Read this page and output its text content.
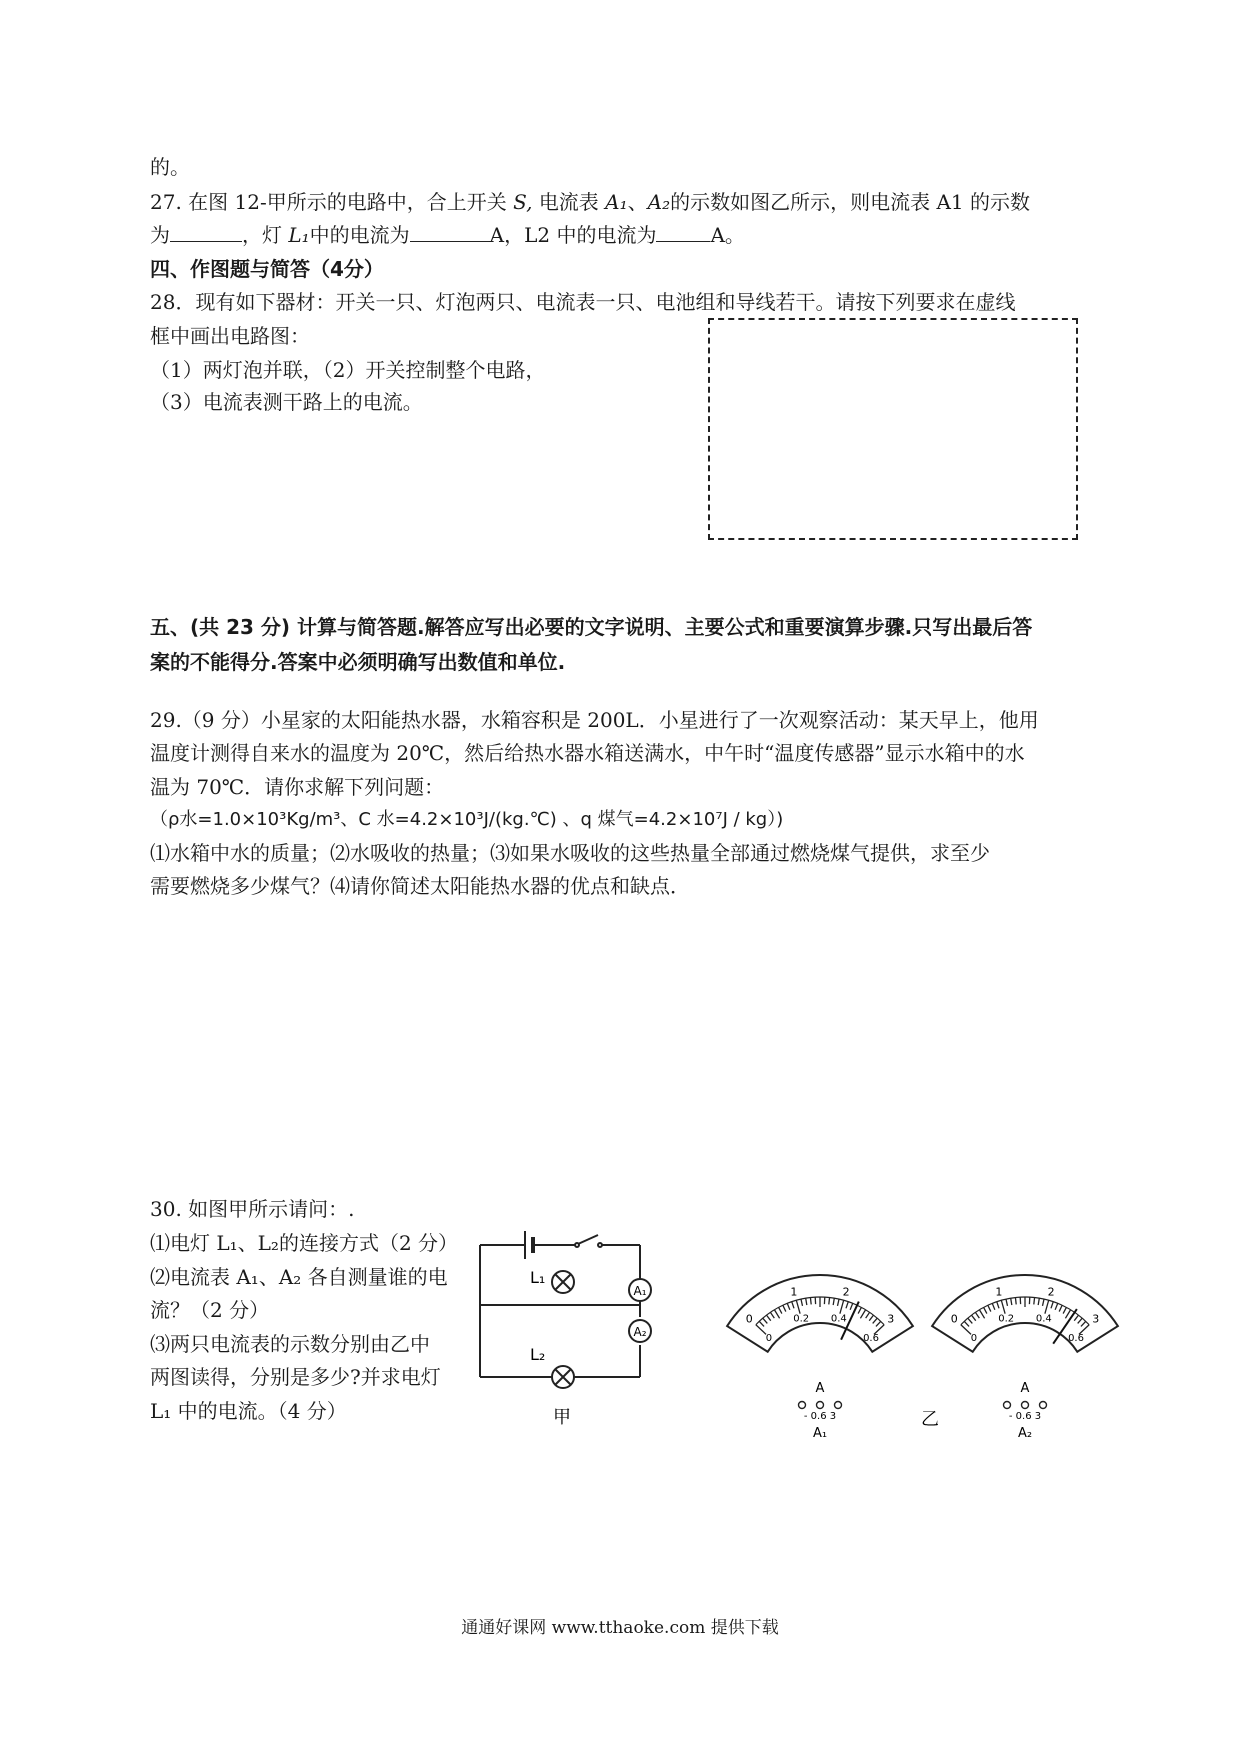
的。
27. 在图 12-甲所示的电路中，合上开关 S, 电流表 A₁、A₂的示数如图乙所示，则电流表 A1 的示数
为	，灯 L₁中的电流为	A，L2 中的电流为	A。
四、作图题与简答（4分）
28．现有如下器材：开关一只、灯泡两只、电流表一只、电池组和导线若干。请按下列要求在虚线
框中画出电路图：
（1）两灯泡并联，（2）开关控制整个电路，
（3）电流表测干路上的电流。
五、(共 23 分) 计算与简答题.解答应写出必要的文字说明、主要公式和重要演算步骤.只写出最后答
案的不能得分.答案中必须明确写出数值和单位.
29.（9 分）小星家的太阳能热水器，水箱容积是 200L．小星进行了一次观察活动：某天早上，他用
温度计测得自来水的温度为 20℃，然后给热水器水箱送满水，中午时“温度传感器”显示水箱中的水
温为 70℃．请你求解下列问题：
（ρ水=1.0×10³Kg/m³、C 水=4.2×10³J/(kg.℃) 、q 煤气=4.2×10⁷J / kg）)
⑴水箱中水的质量；⑵水吸收的热量；⑶如果水吸收的这些热量全部通过燃烧煤气提供，求至少
需要燃烧多少煤气？⑷请你简述太阳能热水器的优点和缺点．
30. 如图甲所示请问：.
⑴电灯 L₁、L₂的连接方式（2 分）
⑵电流表 A₁、A₂ 各自测量谁的电
流？（2 分）
⑶两只电流表的示数分别由乙中
两图读得，分别是多少?并求电灯
L₁ 中的电流。（4 分）
L₁
L₂
A₁
A₂
甲	乙
0
1	2
3
0
0.2 0.4
0.6
A
- 0.6 3
A₁
0
1	2
3
0
0.2 0.4
0.6
A
- 0.6 3
A₂
通通好课网 www.tthaoke.com 提供下载
